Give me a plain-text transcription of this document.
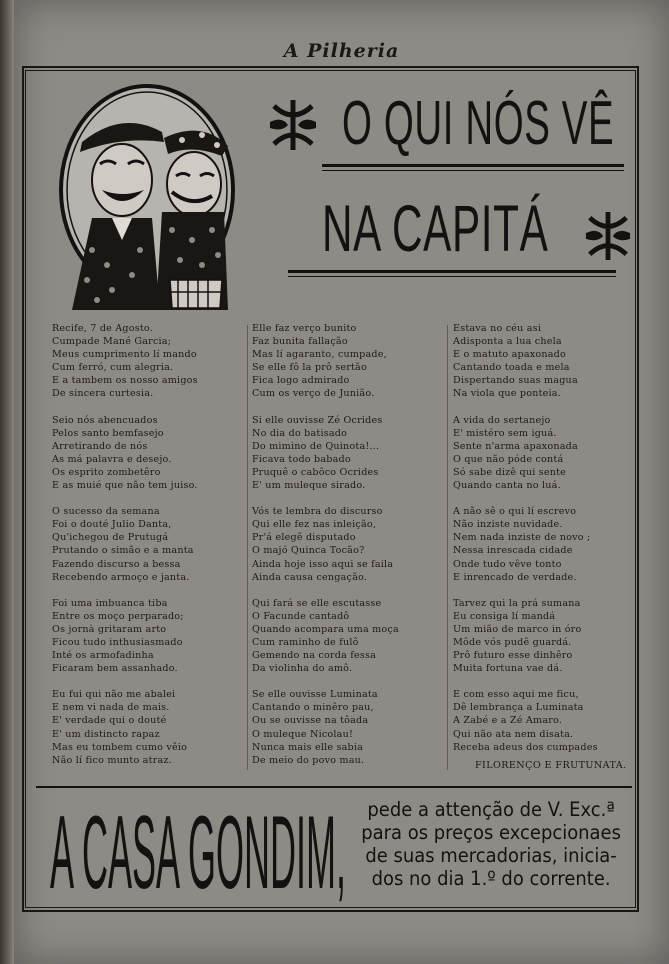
A Pilheria
O QUI NÓS VÊ
NA CAPITÁ
Recife, 7 de Agosto.
Cumpade Mané Garcia;
Meus cumprimento lí mando
Cum ferró, cum alegria.
E a tambem os nosso amigos
De sincera curtesia.
Seio nós abencuados
Pelos santo bemfasejo
Arretirando de nós
As má palavra e desejo.
Os esprito zombetêro
E as muié que não tem juiso.
O sucesso da semana
Foi o douté Julio Danta,
Qu'ichegou de Prutugá
Prutando o simão e a manta
Fazendo discurso a bessa
Recebendo armoço e janta.
Foi uma imbuanca tiba
Entre os moço perparado;
Os jornà gritaram arto
Ficou tudo inthusiasmado
Inté os armofadinha
Ficaram bem assanhado.
Eu fui qui não me abalei
E nem vi nada de mais.
E' verdade qui o douté
E' um distincto rapaz
Mas eu tombem cumo vêio
Não lí fico munto atraz.
Elle faz verço bunito
Faz bunita fallação
Mas lí agaranto, cumpade,
Se elle fô la prô sertão
Fica logo admirado
Cum os verço de Junião.
Si elle ouvisse Zé Ocrides
No dia do batisado
Do mimino de Quinota!...
Ficava todo babado
Pruquê o cabôco Ocrides
E' um muleque sirado.
Vós te lembra do discurso
Qui elle fez nas inleição,
Pr'á elegê disputado
O majó Quinca Tocão?
Ainda hoje isso aqui se faila
Ainda causa cengação.
Qui fará se elle escutasse
O Facunde cantadô
Quando acompara uma moça
Cum raminho de fulô
Gemendo na corda fessa
Da violinha do amô.
Se elle ouvisse Luminata
Cantando o minêro pau,
Ou se ouvisse na tôada
O muleque Nicolau!
Nunca mais elle sabia
De meio do povo mau.
Estava no céu asi
Adisponta a lua chela
E o matuto apaxonado
Cantando toada e mela
Dispertando suas magua
Na viola que ponteia.
A vida do sertanejo
E' mistéro sem iguá.
Sente n'arma apaxonada
O que não póde contá
Só sabe dizê qui sente
Quando canta no luá.
A não sê o qui lí escrevo
Não inziste nuvidade.
Nem nada inziste de novo ;
Nessa inrescada cidade
Onde tudo vêve tonto
E inrencado de verdade.
Tarvez qui la prá sumana
Eu consiga lí mandá
Um mião de marco in óro
Môde vós pudê guardá.
Prô futuro esse dinhêro
Muita fortuna vae dá.
E com esso aqui me ficu,
Dê lembrança a Luminata
A Zabé e a Zé Amaro.
Qui não ata nem disata.
Receba adeus dos cumpades

FILORENÇO E FRUTUNATA.
A CASA GONDIM,	pede a attenção de V. Exc.ª
para os preços excepcionaes
de suas mercadorias, inicia-
dos no dia 1.º do corrente.
